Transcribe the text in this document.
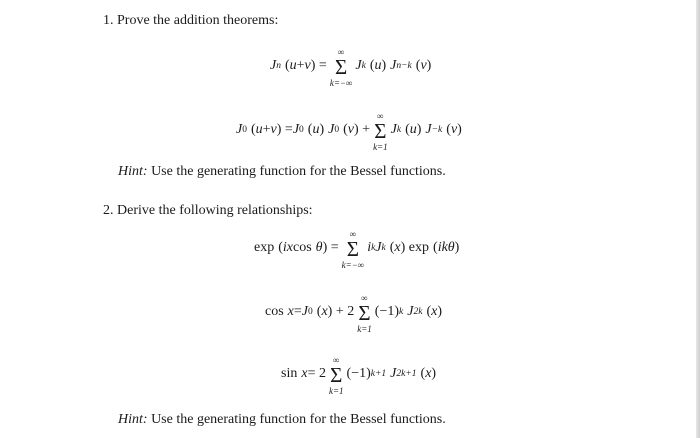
1. Prove the addition theorems:
J n ( u + v ) =
∞
Σ
k=−∞
J k ( u ) J n−k ( v )
J 0 ( u + v ) = J 0 ( u ) J 0 ( v ) +
∞
Σ
k=1
J k ( u ) J −k ( v )
Hint: Use the generating function for the Bessel functions.
2. Derive the following relationships:
exp ( ix cos θ ) =
∞
Σ
k=−∞
i k J k ( x ) exp ( ikθ )
cos x = J 0 ( x ) + 2
∞
Σ
k=1
(−1) k J 2k ( x )
sin x = 2
∞
Σ
k=1
(−1) k+1 J 2k+1 ( x )
Hint: Use the generating function for the Bessel functions.
